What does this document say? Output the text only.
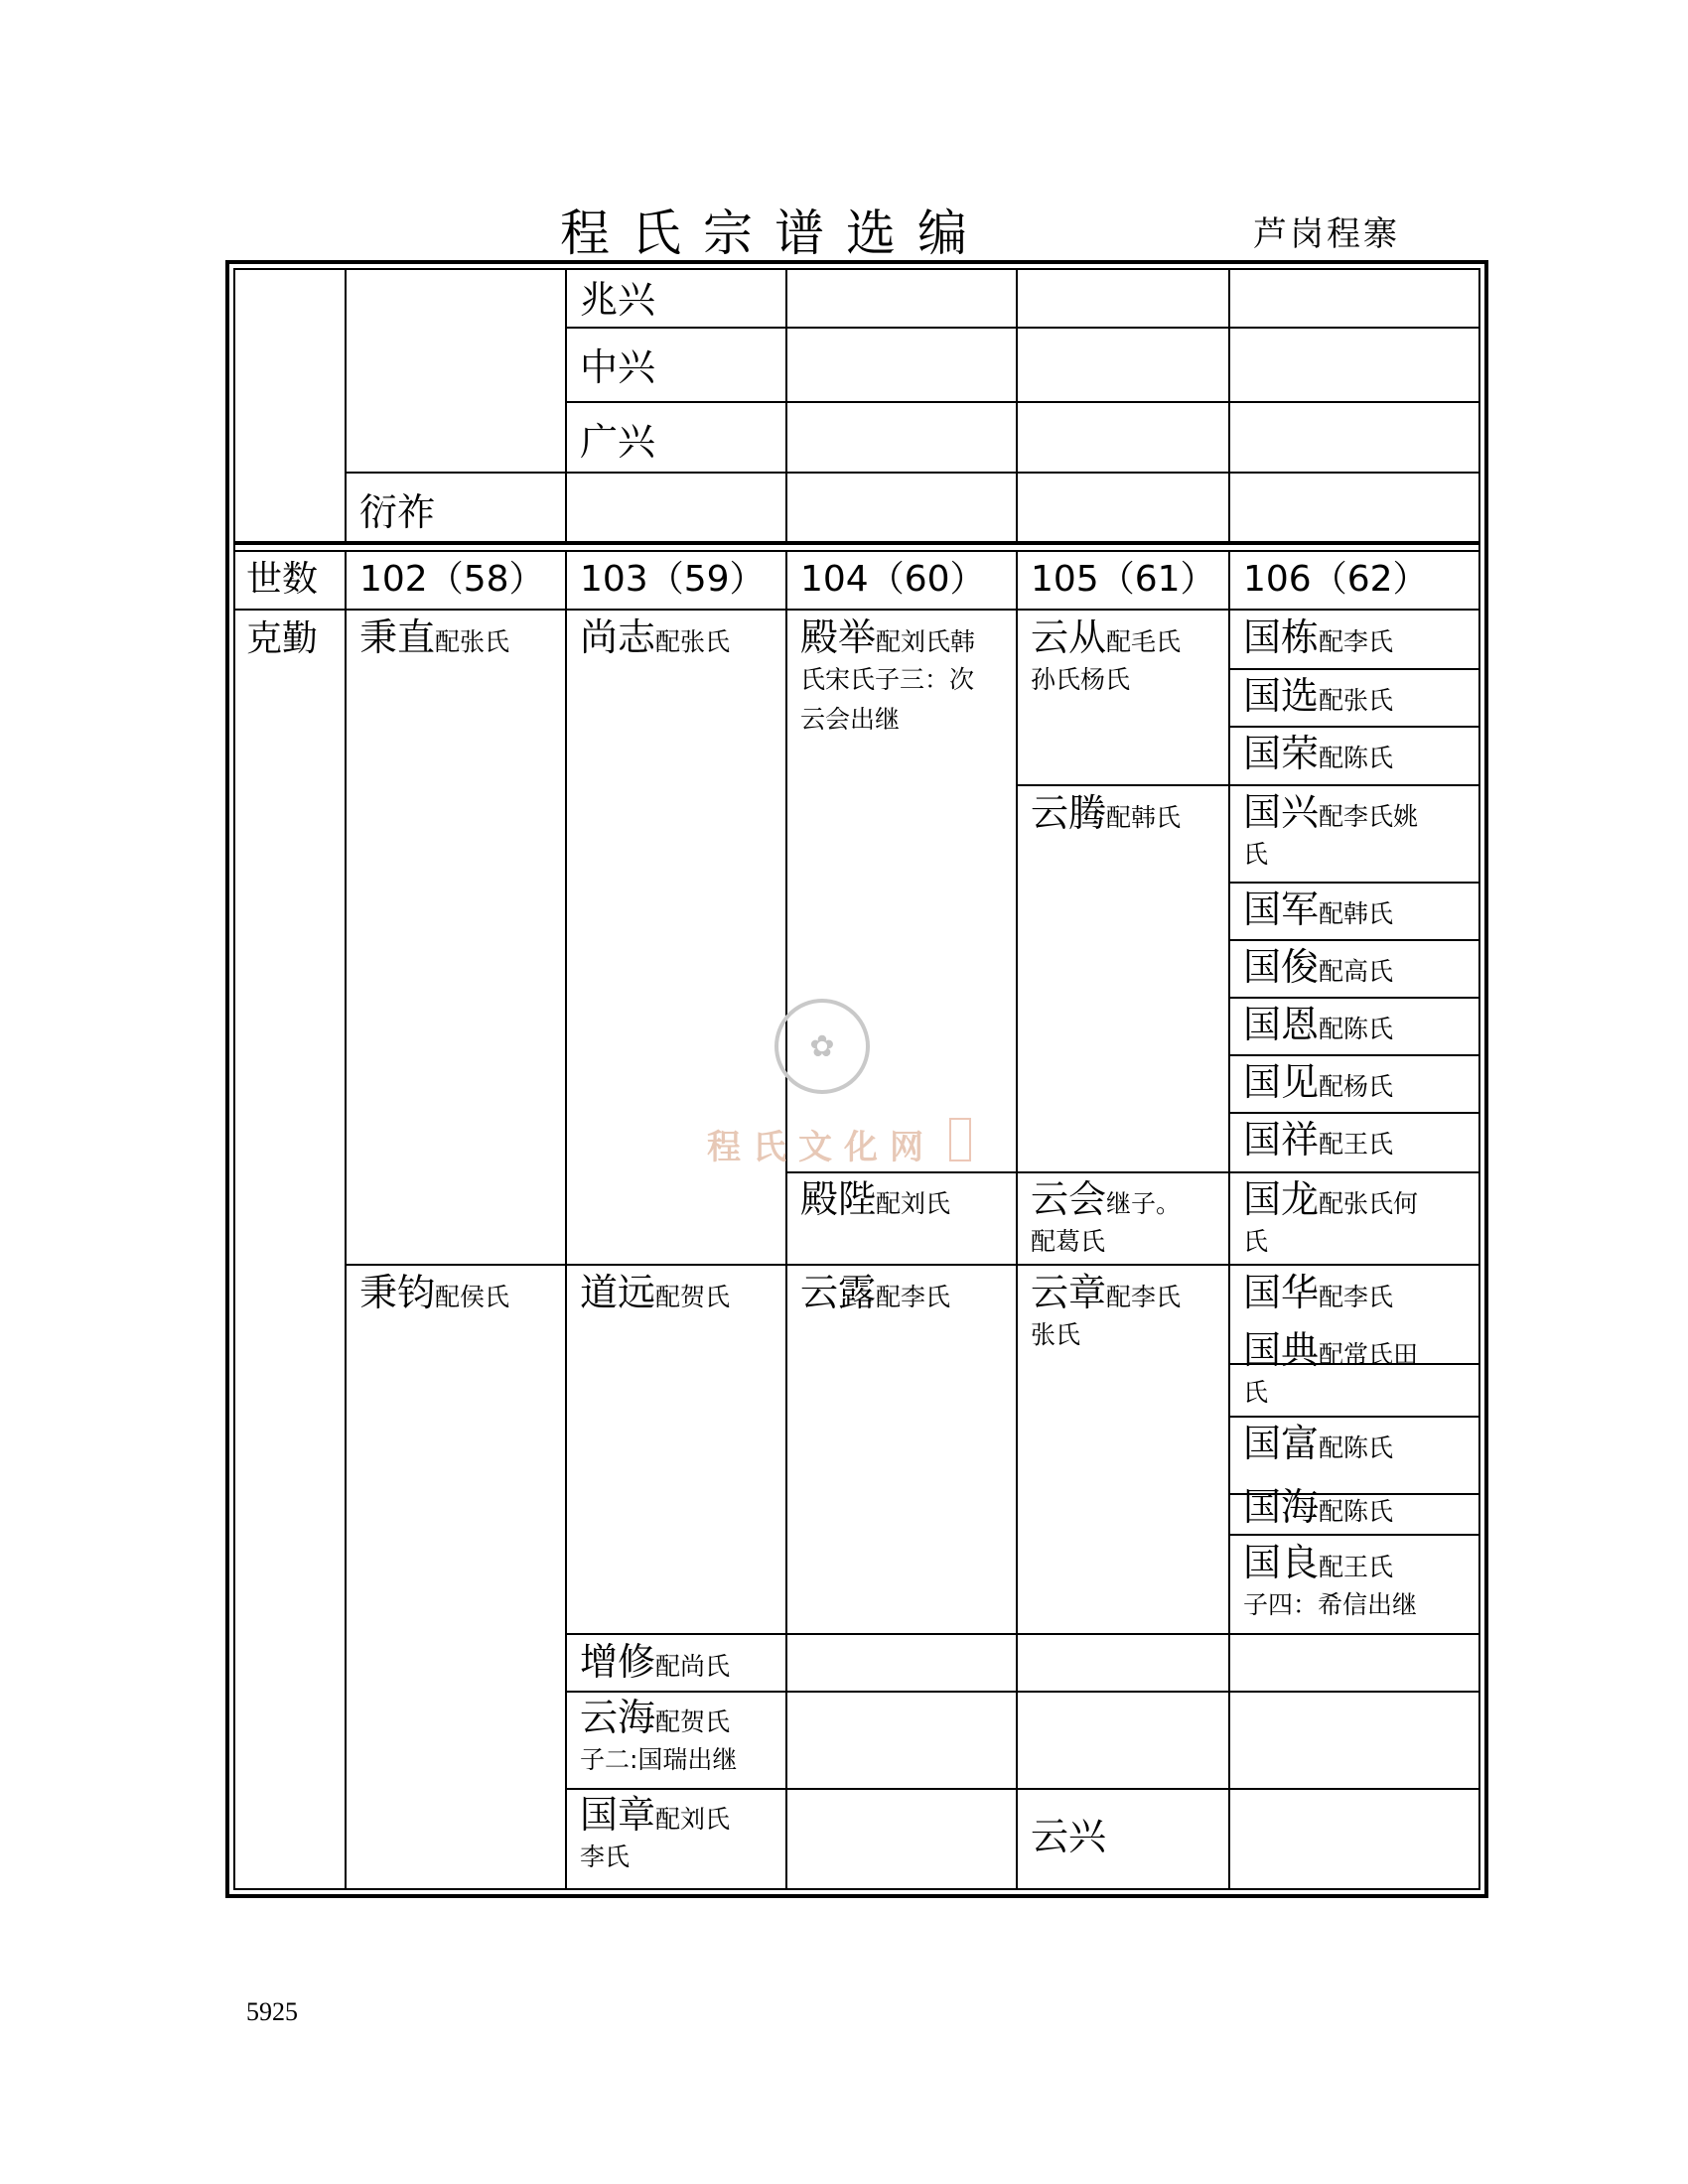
程氏宗谱选编	芦岗程寨
兆兴
中兴
广兴
衍祚
世数 102（58） 103（59） 104（60） 105（61） 106（62）
克勤 秉直配张氏
秉钧配侯氏
尚志配张氏
道远配贺氏
增修配尚氏
云海配贺氏
子二:国瑞出继
国章配刘氏
李氏
殿举配刘氏韩
氏宋氏子三：次
云会出继
殿陛配刘氏
云露配李氏
云从配毛氏
孙氏杨氏
云腾配韩氏
云会继子。
配葛氏
云章配李氏
张氏
云兴
国栋配李氏
国选配张氏
国荣配陈氏
国兴配李氏姚
氏
国军配韩氏
国俊配高氏
国恩配陈氏
国见配杨氏
国祥配王氏
国龙配张氏何
氏
国华配李氏
国典配常氏田
氏
国富配陈氏
国海配陈氏
国良配王氏
子四：希信出继
✿
程氏文化网
5925
